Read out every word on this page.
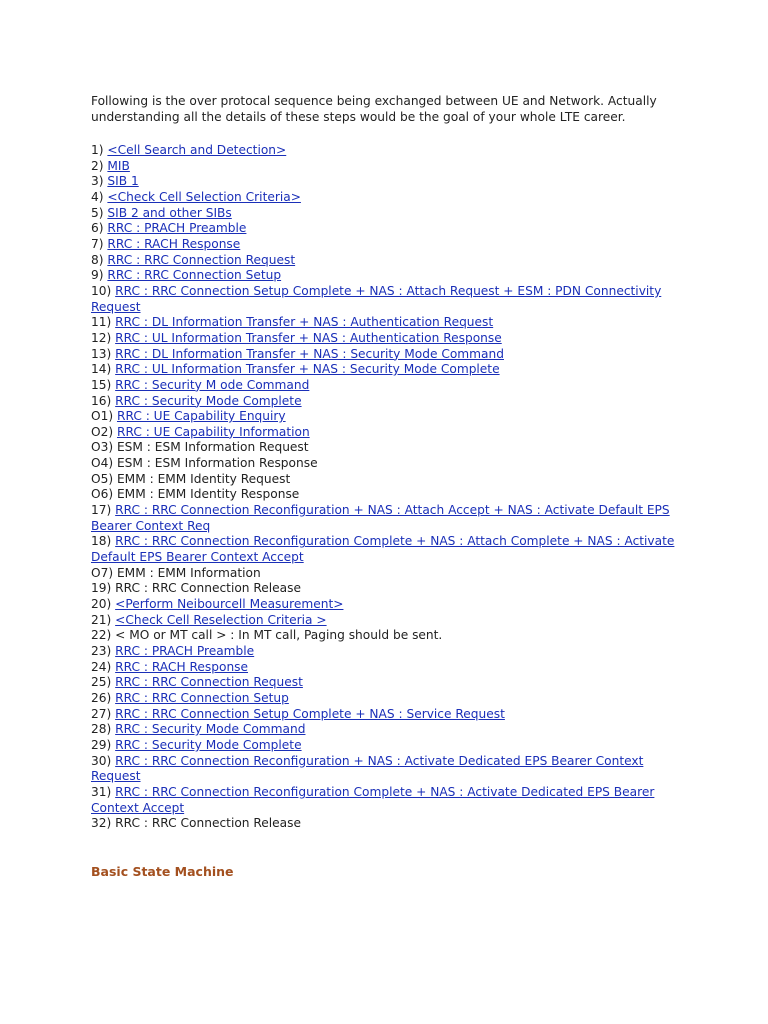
Following is the over protocal sequence being exchanged between UE and Network. Actually
understanding all the details of these steps would be the goal of your whole LTE career.

1) <Cell Search and Detection>
2) MIB
3) SIB 1
4) <Check Cell Selection Criteria>
5) SIB 2 and other SIBs
6) RRC : PRACH Preamble
7) RRC : RACH Response
8) RRC : RRC Connection Request
9) RRC : RRC Connection Setup
10) RRC : RRC Connection Setup Complete + NAS : Attach Request + ESM : PDN Connectivity Request
11) RRC : DL Information Transfer + NAS : Authentication Request
12) RRC : UL Information Transfer + NAS : Authentication Response
13) RRC : DL Information Transfer + NAS : Security Mode Command
14) RRC : UL Information Transfer + NAS : Security Mode Complete
15) RRC : Security M ode Command
16) RRC : Security Mode Complete
O1) RRC : UE Capability Enquiry
O2) RRC : UE Capability Information
O3) ESM : ESM Information Request
O4) ESM : ESM Information Response
O5) EMM : EMM Identity Request
O6) EMM : EMM Identity Response
17) RRC : RRC Connection Reconfiguration + NAS : Attach Accept + NAS : Activate Default EPS Bearer Context Req
18) RRC : RRC Connection Reconfiguration Complete + NAS : Attach Complete + NAS : Activate Default EPS Bearer Context Accept
O7) EMM : EMM Information
19) RRC : RRC Connection Release
20) <Perform Neibourcell Measurement>
21) <Check Cell Reselection Criteria >
22) < MO or MT call > : In MT call, Paging should be sent.
23) RRC : PRACH Preamble
24) RRC : RACH Response
25) RRC : RRC Connection Request
26) RRC : RRC Connection Setup
27) RRC : RRC Connection Setup Complete + NAS : Service Request
28) RRC : Security Mode Command
29) RRC : Security Mode Complete
30) RRC : RRC Connection Reconfiguration + NAS : Activate Dedicated EPS Bearer Context Request
31) RRC : RRC Connection Reconfiguration Complete + NAS : Activate Dedicated EPS Bearer Context Accept
32) RRC : RRC Connection Release
Basic State Machine
